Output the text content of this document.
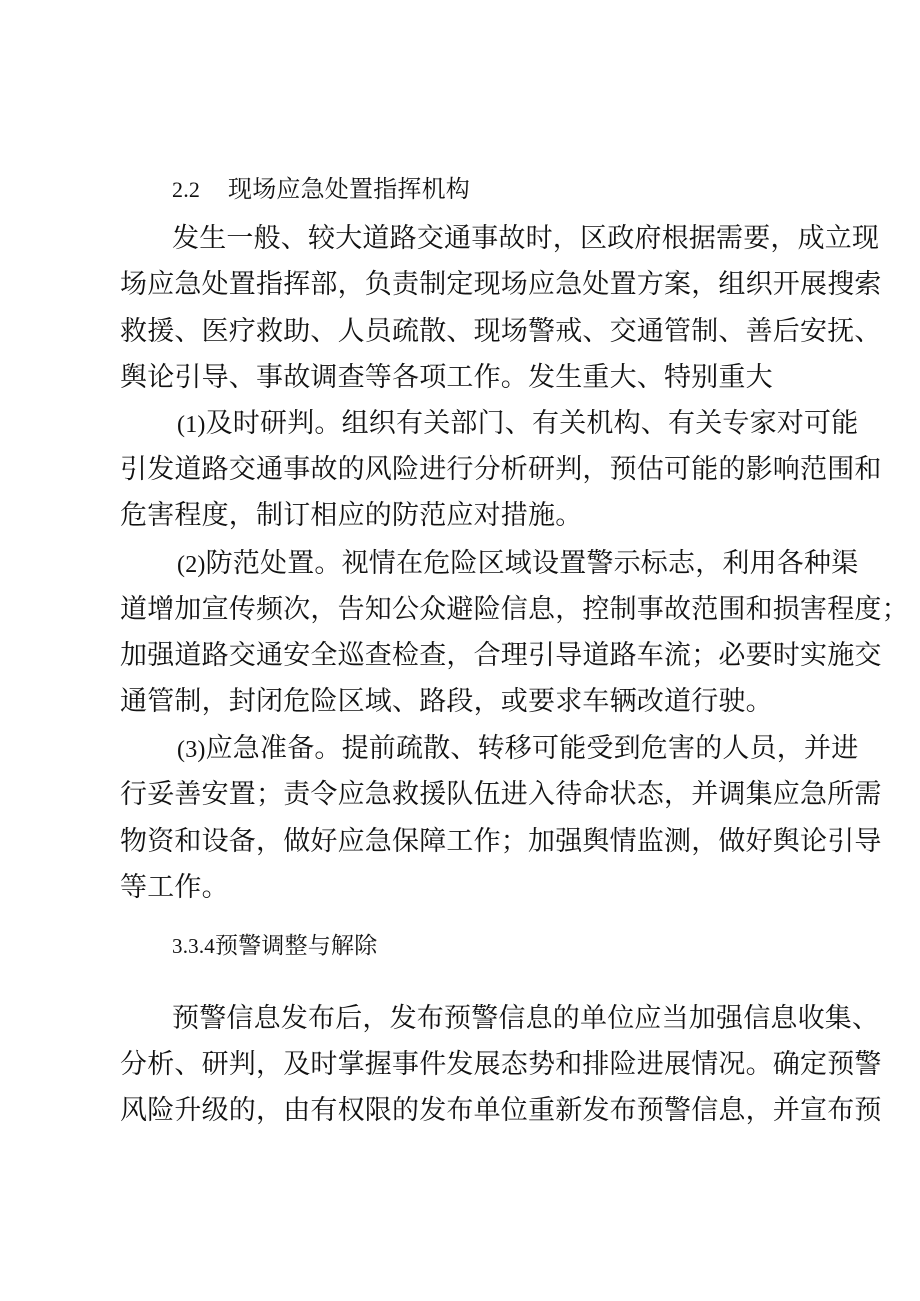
2.2 现场应急处置指挥机构
发生一般、较大道路交通事故时，区政府根据需要，成立现
场应急处置指挥部，负责制定现场应急处置方案，组织开展搜索
救援、医疗救助、人员疏散、现场警戒、交通管制、善后安抚、
舆论引导、事故调查等各项工作。发生重大、特别重大
(1)及时研判。组织有关部门、有关机构、有关专家对可能
引发道路交通事故的风险进行分析研判，预估可能的影响范围和
危害程度，制订相应的防范应对措施。
(2)防范处置。视情在危险区域设置警示标志，利用各种渠
道增加宣传频次，告知公众避险信息，控制事故范围和损害程度；
加强道路交通安全巡查检查，合理引导道路车流；必要时实施交
通管制，封闭危险区域、路段，或要求车辆改道行驶。
(3)应急准备。提前疏散、转移可能受到危害的人员，并进
行妥善安置；责令应急救援队伍进入待命状态，并调集应急所需
物资和设备，做好应急保障工作；加强舆情监测，做好舆论引导
等工作。
3.3.4预警调整与解除
预警信息发布后，发布预警信息的单位应当加强信息收集、
分析、研判，及时掌握事件发展态势和排险进展情况。确定预警
风险升级的，由有权限的发布单位重新发布预警信息，并宣布预
